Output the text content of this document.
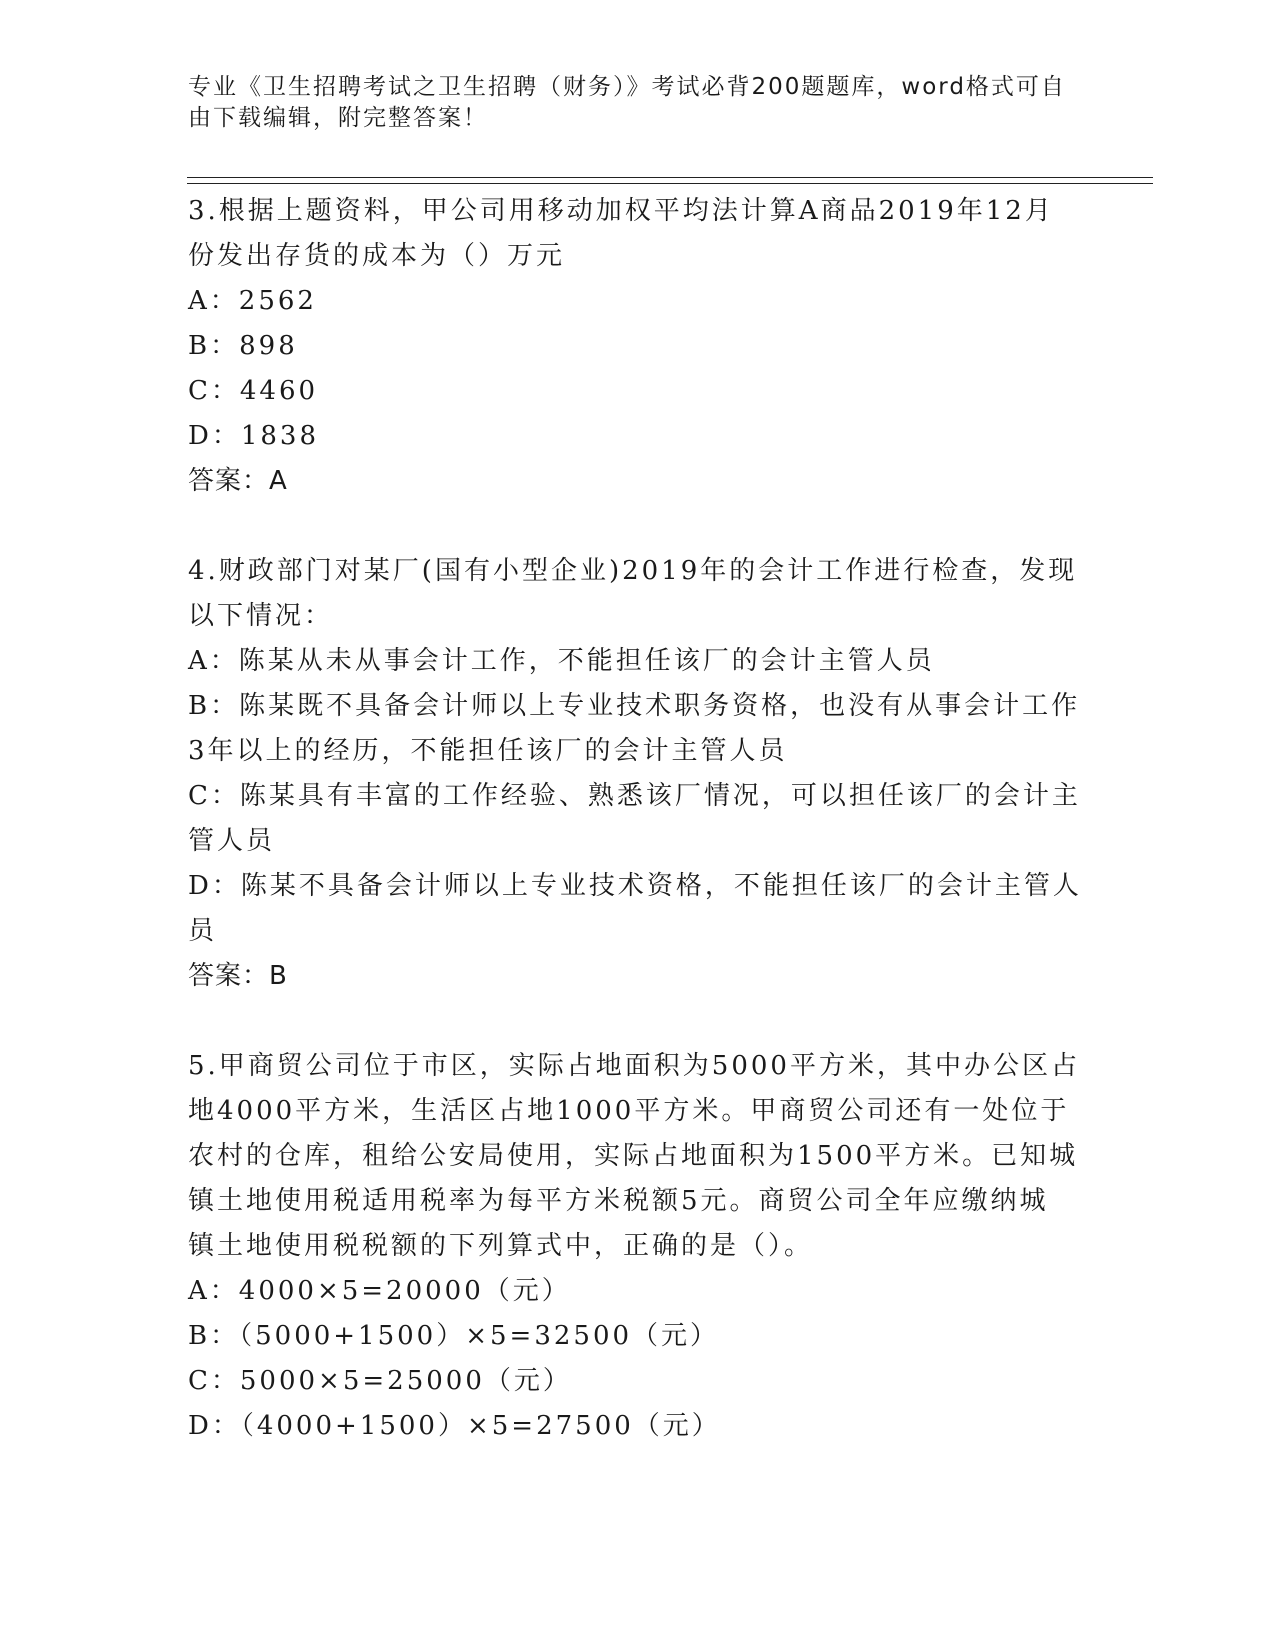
专业《卫生招聘考试之卫生招聘（财务）》考试必背200题题库，word格式可自
由下载编辑，附完整答案！
3.根据上题资料，甲公司用移动加权平均法计算A商品2019年12月
份发出存货的成本为（）万元
A：2562
B：898
C：4460
D：1838
答案：A
4.财政部门对某厂(国有小型企业)2019年的会计工作进行检查，发现
以下情况：
A：陈某从未从事会计工作，不能担任该厂的会计主管人员
B：陈某既不具备会计师以上专业技术职务资格，也没有从事会计工作
3年以上的经历，不能担任该厂的会计主管人员
C：陈某具有丰富的工作经验、熟悉该厂情况，可以担任该厂的会计主
管人员
D：陈某不具备会计师以上专业技术资格，不能担任该厂的会计主管人
员
答案：B
5.甲商贸公司位于市区，实际占地面积为5000平方米，其中办公区占
地4000平方米，生活区占地1000平方米。甲商贸公司还有一处位于
农村的仓库，租给公安局使用，实际占地面积为1500平方米。已知城
镇土地使用税适用税率为每平方米税额5元。商贸公司全年应缴纳城
镇土地使用税税额的下列算式中，正确的是（）。
A：4000×5=20000（元）
B：（5000+1500）×5=32500（元）
C：5000×5=25000（元）
D：（4000+1500）×5=27500（元）
